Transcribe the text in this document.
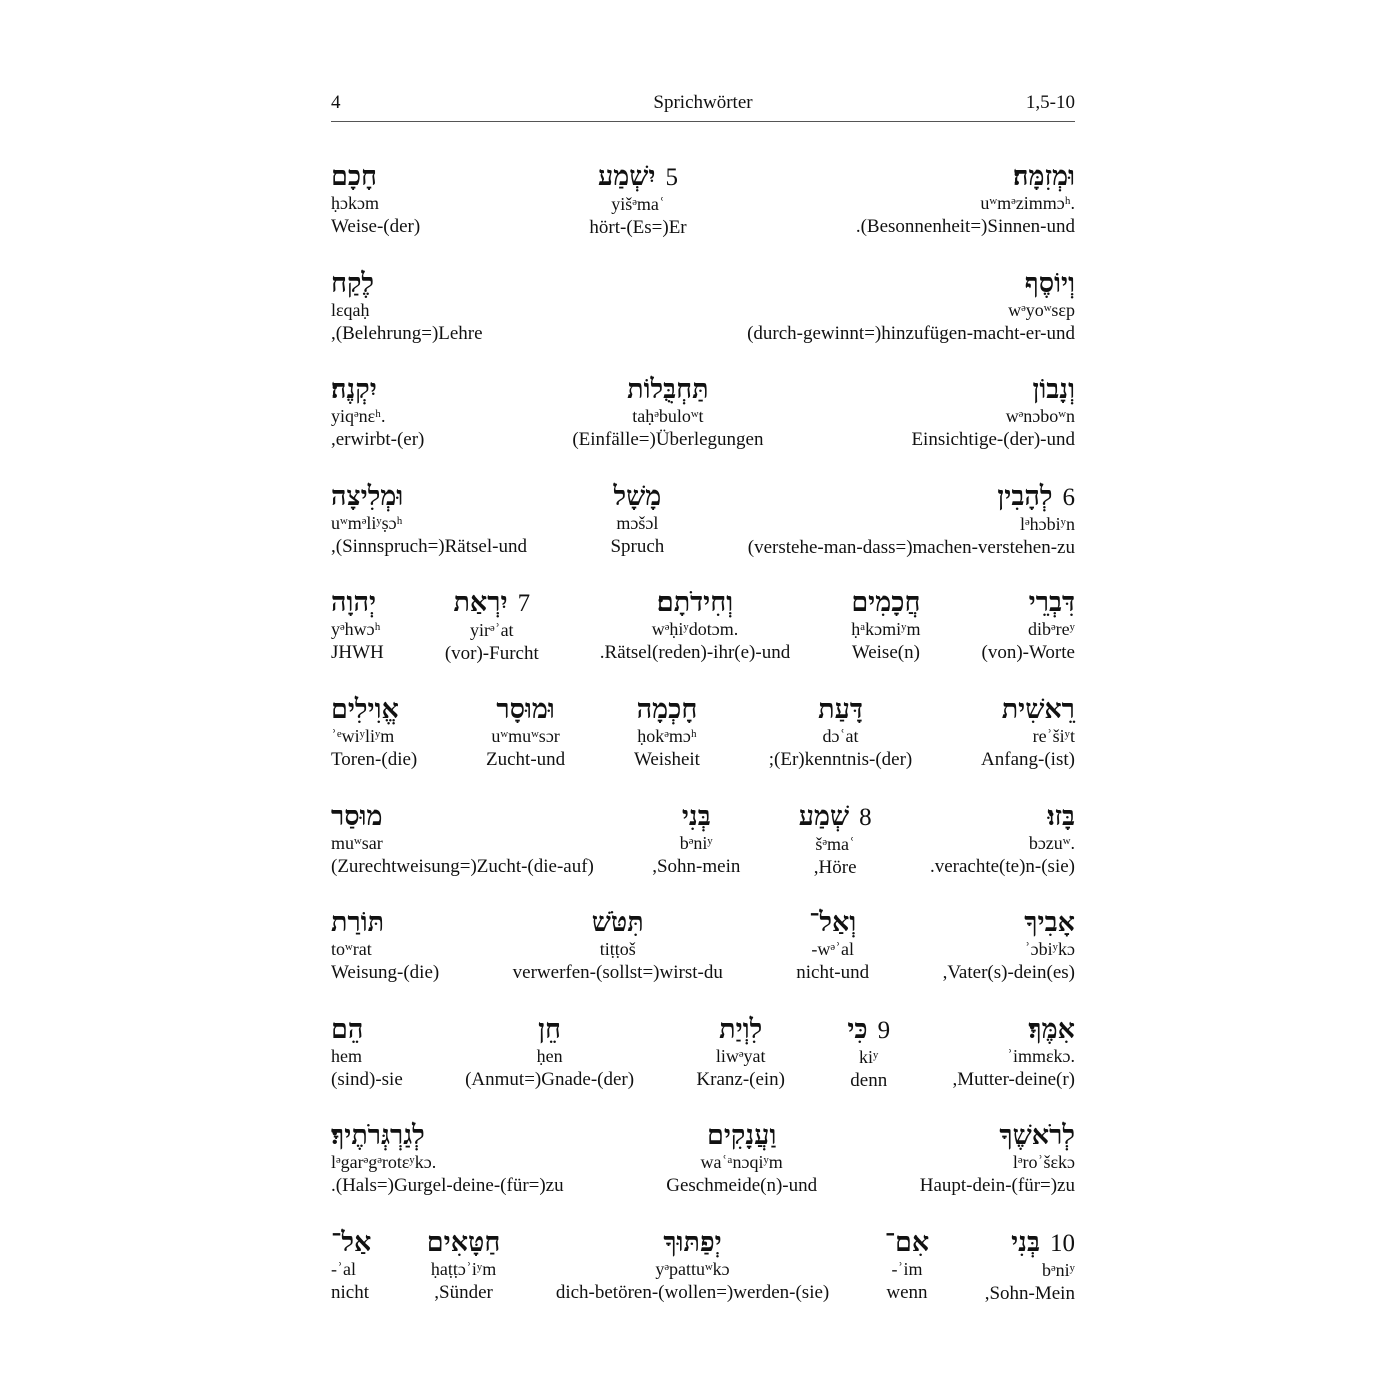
4	Sprichwörter	1,5-10
וּמְזִמָּה׃
uʷmᵊzimmɔʰ.
.(Besonnenheit=)Sinnen-und
5
יִשְׁמַע
yišᵊmaʿ
hört-(Es=)Er
חָכָם
ḥɔkɔm
Weise-(der)
וְיוֹסֶף
wᵊyoʷsɛp
(durch-gewinnt=)hinzufügen-macht-er-und
לֶקַח
lɛqaḥ
,(Belehrung=)Lehre
וְנָבוֹן
wᵊnɔboʷn
Einsichtige-(der)-und
תַּחְבֻּלוֹת
taḥᵊbuloʷt
(Einfälle=)Überlegungen
יִקְנֶה׃
yiqᵊnɛʰ.
,erwirbt-(er)
6
לְהָבִין
lᵊhɔbiʸn
(verstehe-man-dass=)machen-verstehen-zu
מָשָׁל
mɔšɔl
Spruch
וּמְלִיצָה
uʷmᵊliʸṣɔʰ
,(Sinnspruch=)Rätsel-und
דִּבְרֵי
dibᵊreʸ
(von)-Worte
חֲכָמִים
ḥᵃkɔmiʸm
Weise(n)
וְחִידֹתָם׃
wᵊḥiʸdotɔm.
.Rätsel(reden)-ihr(e)-und
7
יִרְאַת
yirᵊʾat
(vor)-Furcht
יְהוָה
yᵊhwɔʰ
JHWH
רֵאשִׁית
reʾšiʸt
Anfang-(ist)
דָּעַת
dɔʿat
;(Er)kenntnis-(der)
חָכְמָה
ḥokᵊmɔʰ
Weisheit
וּמוּסָר
uʷmuʷsɔr
Zucht-und
אֱוִילִים
ʾᵉwiʸliʸm
Toren-(die)
בָּזוּ׃
bɔzuʷ.
.verachte(te)n-(sie)
8
שְׁמַע
šᵊmaʿ
,Höre
בְּנִי
bᵊniʸ
,Sohn-mein
מוּסַר
muʷsar
(Zurechtweisung=)Zucht-(die-auf)
אָבִיךָ
ʾɔbiʸkɔ
,Vater(s)-dein(es)
וְאַל־
-wᵊʾal
nicht-und
תִּטֹּשׁ
tiṭṭoš
verwerfen-(sollst=)wirst-du
תּוֹרַת
toʷrat
Weisung-(die)
אִמֶּךָ׃
ʾimmɛkɔ.
,Mutter-deine(r)
9
כִּי
kiʸ
denn
לִוְיַת
liwᵊyat
Kranz-(ein)
חֵן
ḥen
(Anmut=)Gnade-(der)
הֵם
hem
(sind)-sie
לְרֹאשֶׁךָ
lᵊroʾšɛkɔ
Haupt-dein-(für=)zu
וַעֲנָקִים
waʿᵃnɔqiʸm
Geschmeide(n)-und
לְגַרְגְּרֹתֶיךָ׃
lᵊgarᵊgᵊrotɛʸkɔ.
.(Hals=)Gurgel-deine-(für=)zu
10
בְּנִי
bᵊniʸ
,Sohn-Mein
אִם־
-ʾim
wenn
יְפַתּוּךָ
yᵊpattuʷkɔ
dich-betören-(wollen=)werden-(sie)
חַטָּאִים
ḥaṭṭɔʾiʸm
,Sünder
אַל־
-ʾal
nicht
